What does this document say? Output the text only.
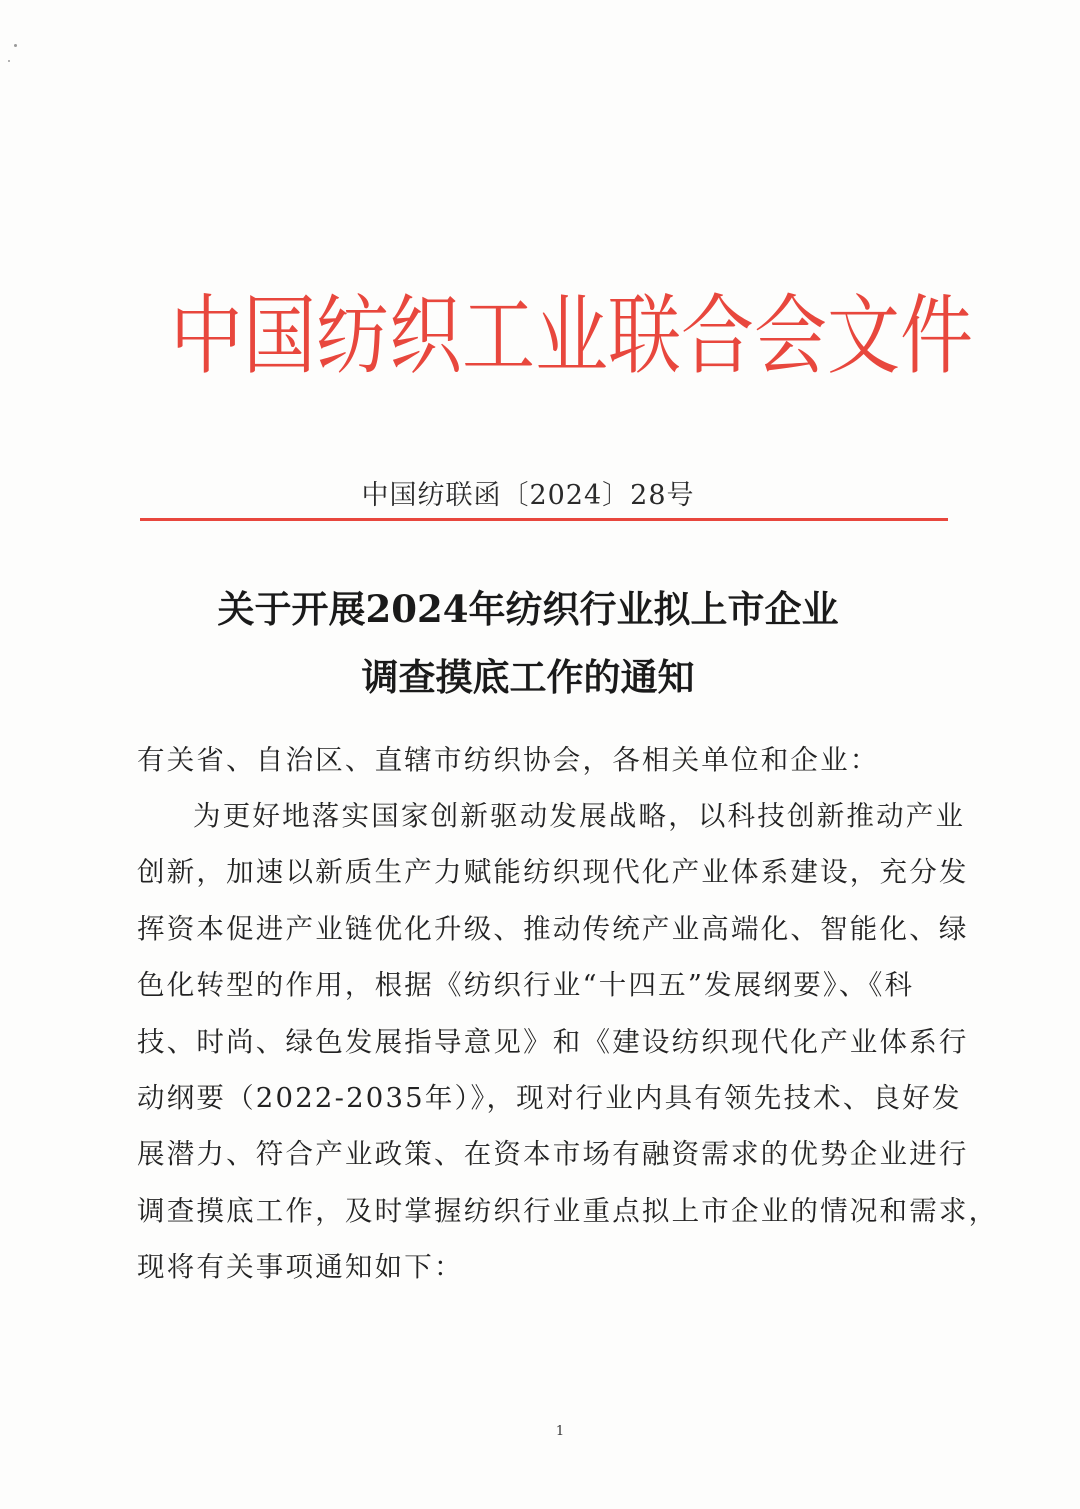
中国纺织工业联合会文件
中国纺联函〔2024〕28号
关于开展2024年纺织行业拟上市企业
调查摸底工作的通知
有关省、自治区、直辖市纺织协会，各相关单位和企业：
为更好地落实国家创新驱动发展战略，以科技创新推动产业
创新，加速以新质生产力赋能纺织现代化产业体系建设，充分发
挥资本促进产业链优化升级、推动传统产业高端化、智能化、绿
色化转型的作用，根据《纺织行业“十四五”发展纲要》、《科
技、时尚、绿色发展指导意见》和《建设纺织现代化产业体系行
动纲要（2022-2035年）》，现对行业内具有领先技术、良好发
展潜力、符合产业政策、在资本市场有融资需求的优势企业进行
调查摸底工作，及时掌握纺织行业重点拟上市企业的情况和需求，
现将有关事项通知如下：
1
